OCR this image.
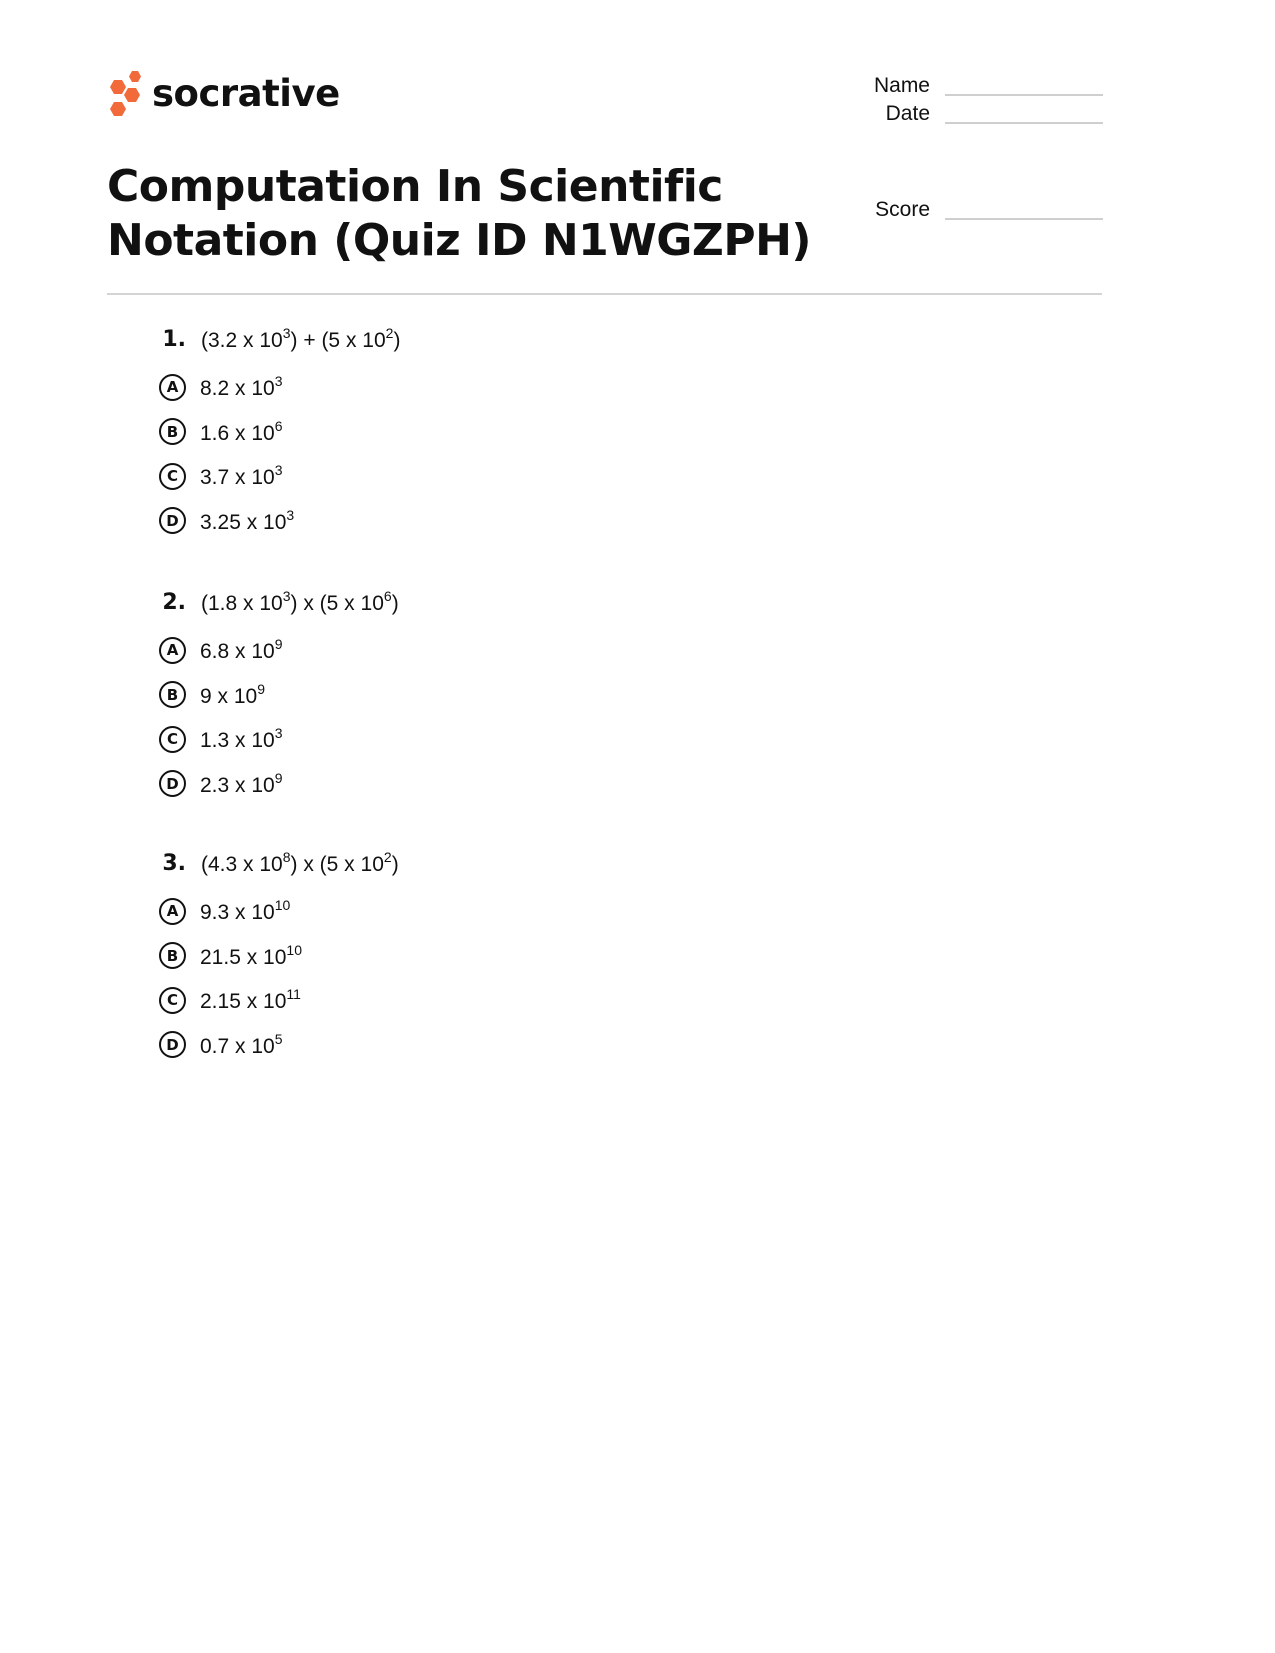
socrative	Name
Date
Score
Computation In Scientific Notation (Quiz ID N1WGZPH)
1. (3.2 x $10^3) + (5$ x $10^2$)
A	8.2 x $10^3$
B	1.6 x $10^6$
C	3.7 x $10^3$
D	3.25 x $10^3$
2. (1.8 x $10^3$) x (5 x $10^6$)
A	6.8 x $10^9$
B	9 x $10^9$
C	1.3 x $10^3$
D	2.3 x $10^9$
3. (4.3 x $10^8$) x (5 x $10^2$)
A	9.3 x $10^{10}$
B	21.5 x $10^{10}$
C	2.15 x $10^{11}$
D	0.7 x $10^5$
